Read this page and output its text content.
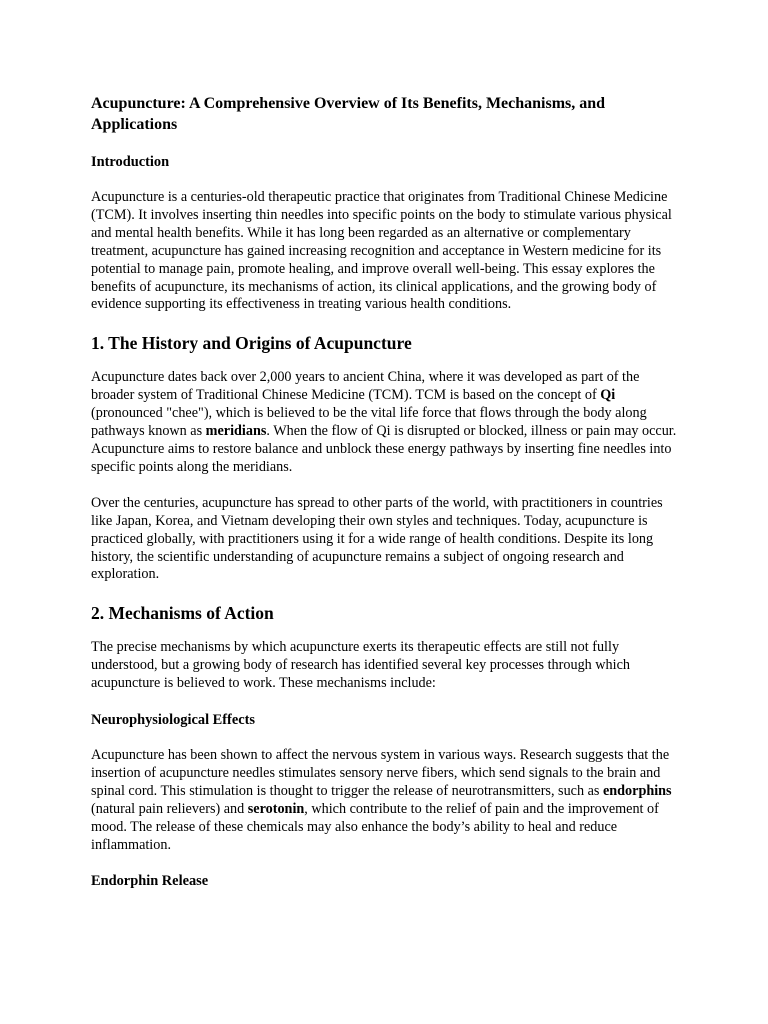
Acupuncture: A Comprehensive Overview of Its Benefits, Mechanisms, and Applications
Introduction

Acupuncture is a centuries-old therapeutic practice that originates from Traditional Chinese Medicine (TCM). It involves inserting thin needles into specific points on the body to stimulate various physical and mental health benefits. While it has long been regarded as an alternative or complementary treatment, acupuncture has gained increasing recognition and acceptance in Western medicine for its potential to manage pain, promote healing, and improve overall well-being. This essay explores the benefits of acupuncture, its mechanisms of action, its clinical applications, and the growing body of evidence supporting its effectiveness in treating various health conditions.

1. The History and Origins of Acupuncture

Acupuncture dates back over 2,000 years to ancient China, where it was developed as part of the broader system of Traditional Chinese Medicine (TCM). TCM is based on the concept of Qi (pronounced "chee"), which is believed to be the vital life force that flows through the body along pathways known as meridians. When the flow of Qi is disrupted or blocked, illness or pain may occur. Acupuncture aims to restore balance and unblock these energy pathways by inserting fine needles into specific points along the meridians.

Over the centuries, acupuncture has spread to other parts of the world, with practitioners in countries like Japan, Korea, and Vietnam developing their own styles and techniques. Today, acupuncture is practiced globally, with practitioners using it for a wide range of health conditions. Despite its long history, the scientific understanding of acupuncture remains a subject of ongoing research and exploration.

2. Mechanisms of Action

The precise mechanisms by which acupuncture exerts its therapeutic effects are still not fully understood, but a growing body of research has identified several key processes through which acupuncture is believed to work. These mechanisms include:

Neurophysiological Effects

Acupuncture has been shown to affect the nervous system in various ways. Research suggests that the insertion of acupuncture needles stimulates sensory nerve fibers, which send signals to the brain and spinal cord. This stimulation is thought to trigger the release of neurotransmitters, such as endorphins (natural pain relievers) and serotonin, which contribute to the relief of pain and the improvement of mood. The release of these chemicals may also enhance the body’s ability to heal and reduce inflammation.

Endorphin Release
